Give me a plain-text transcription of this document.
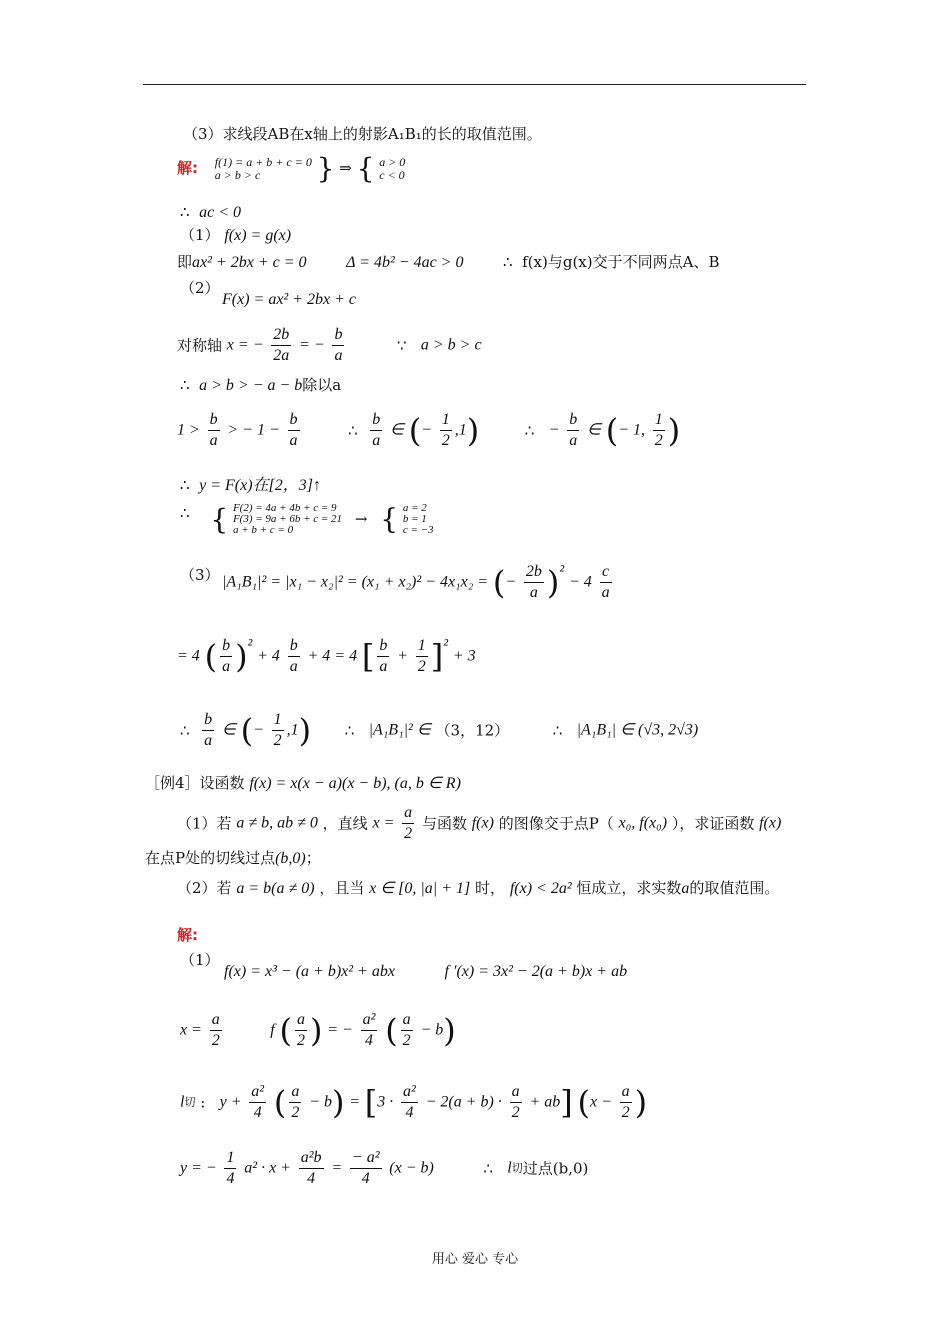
（3）求线段AB在x轴上的射影A₁B₁的长的取值范围。
解: f(1) = a + b + c = 0
a > b > c	} ⇒ { a > 0
c < 0
∴ ac < 0
（1） f(x) = g(x)
即ax² + 2bx + c = 0 Δ = 4b² − 4ac > 0	∴ f(x)与g(x)交于不同两点A、B
（2）
F(x) = ax² + 2bx + c
对称轴 x = − $\frac{2b}{2a}$ = − $\frac{b}{a}$	∵ a > b > c
∴ a > b > − a − b除以a
$1 > \frac{b}{a}$ > − $1 - \frac{b}{a}$	∴ $\frac{b}{a}$ ∈ (− $\frac{1}{2} ,1$)	∴ − $\frac{b}{a}$ ∈ (− 1, $\frac{1}{2}$ )
∴ y = F(x)在[2，3]↑
∴ { F(2) = 4a + 4b + c = 9
F(3) = 9a + 6b + c = 21
a + b + c = 0
→ { a = 2
b = 1
c = −3
（3） |A₁B₁|² = |x₁ − x₂|² = (x₁ + x₂)² − 4x₁x₂ = (− $\frac{2b}{a} )^2 - 4 \frac{c}{a}$
= 4 ( $\frac{b}{a} )^2 + 4 \frac{b}{a} + 4 = 4$ [ $\frac{b}{a} + \frac{1}{2} ]^2 + 3$
∴ $\frac{b}{a}$ ∈ (− $\frac{1}{2} ,1$) ∴ |A₁B₁|² ∈ （3，12）	∴ |A₁B₁| ∈ (√3, 2√3)
［例4］设函数 f(x) = x(x − a)(x − b), (a, b ∈ R)
（1）若 a ≠ b, ab ≠ 0 ，直线 $x = \frac{a}{2}$ 与函数 f(x) 的图像交于点P（ x₀, f(x₀) ），求证函数 f(x)
在点P处的切线过点(b,0)；
（2）若 a = b(a ≠ 0) ，且当 x ∈ [0, |a| + 1] 时， f(x) < 2a² 恒成立，求实数a的取值范围。
解:
（1）
f(x) = x³ − (a + b)x² + abx	f ′(x) = 3x² − 2(a + b)x + ab
$x = \frac{a}{2}$	f ( $\frac{a}{2}$ ) = − $\frac{\text{a²}}{4}$ ( $\frac{a}{2} - b$)
l切 : $y + \frac{\text{a²}}{4}$ ( $\frac{a}{2} - b) = [3 \cdot \frac{\text{a²}}{4} - 2(a + b) \cdot \frac{a}{2} + ab] (x - \frac{a}{2}$ )
y = − $\frac{1}{4} a^2 \cdot x + \frac{\text{a²b}}{4} = \frac{\text{− a²}}{4} (x - b)$	∴ l切过点(b,0)
用心 爱心 专心
